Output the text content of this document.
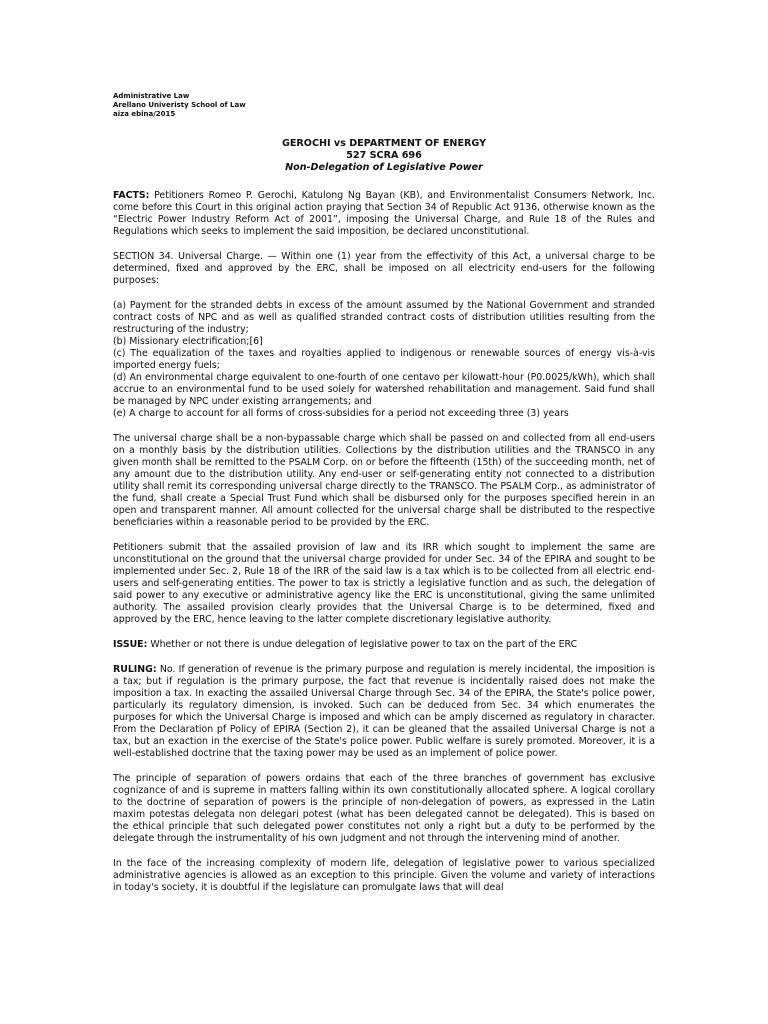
Administrative Law
Arellano Univeristy School of Law
aiza ebina/2015
GEROCHI vs DEPARTMENT OF ENERGY
527 SCRA 696
Non-Delegation of Legislative Power

FACTS: Petitioners Romeo P. Gerochi, Katulong Ng Bayan (KB), and Environmentalist Consumers Network, Inc. come before this Court in this original action praying that Section 34 of Republic Act 9136, otherwise known as the “Electric Power Industry Reform Act of 2001”, imposing the Universal Charge, and Rule 18 of the Rules and Regulations which seeks to implement the said imposition, be declared unconstitutional.

SECTION 34. Universal Charge. — Within one (1) year from the effectivity of this Act, a universal charge to be determined, fixed and approved by the ERC, shall be imposed on all electricity end-users for the following purposes:

(a) Payment for the stranded debts in excess of the amount assumed by the National Government and stranded contract costs of NPC and as well as qualified stranded contract costs of distribution utilities resulting from the restructuring of the industry;

(b) Missionary electrification;[6]

(c) The equalization of the taxes and royalties applied to indigenous or renewable sources of energy vis-à-vis imported energy fuels;

(d) An environmental charge equivalent to one-fourth of one centavo per kilowatt-hour (P0.0025/kWh), which shall accrue to an environmental fund to be used solely for watershed rehabilitation and management. Said fund shall be managed by NPC under existing arrangements; and

(e) A charge to account for all forms of cross-subsidies for a period not exceeding three (3) years

The universal charge shall be a non-bypassable charge which shall be passed on and collected from all end-users on a monthly basis by the distribution utilities. Collections by the distribution utilities and the TRANSCO in any given month shall be remitted to the PSALM Corp. on or before the fifteenth (15th) of the succeeding month, net of any amount due to the distribution utility. Any end-user or self-generating entity not connected to a distribution utility shall remit its corresponding universal charge directly to the TRANSCO. The PSALM Corp., as administrator of the fund, shall create a Special Trust Fund which shall be disbursed only for the purposes specified herein in an open and transparent manner. All amount collected for the universal charge shall be distributed to the respective beneficiaries within a reasonable period to be provided by the ERC.

Petitioners submit that the assailed provision of law and its IRR which sought to implement the same are unconstitutional on the ground that the universal charge provided for under Sec. 34 of the EPIRA and sought to be implemented under Sec. 2, Rule 18 of the IRR of the said law is a tax which is to be collected from all electric end-users and self-generating entities. The power to tax is strictly a legislative function and as such, the delegation of said power to any executive or administrative agency like the ERC is unconstitutional, giving the same unlimited authority. The assailed provision clearly provides that the Universal Charge is to be determined, fixed and approved by the ERC, hence leaving to the latter complete discretionary legislative authority.

ISSUE: Whether or not there is undue delegation of legislative power to tax on the part of the ERC

RULING: No. If generation of revenue is the primary purpose and regulation is merely incidental, the imposition is a tax; but if regulation is the primary purpose, the fact that revenue is incidentally raised does not make the imposition a tax. In exacting the assailed Universal Charge through Sec. 34 of the EPIRA, the State's police power, particularly its regulatory dimension, is invoked. Such can be deduced from Sec. 34 which enumerates the purposes for which the Universal Charge is imposed and which can be amply discerned as regulatory in character. From the Declaration pf Policy of EPIRA (Section 2), it can be gleaned that the assailed Universal Charge is not a tax, but an exaction in the exercise of the State's police power. Public welfare is surely promoted. Moreover, it is a well-established doctrine that the taxing power may be used as an implement of police power.

The principle of separation of powers ordains that each of the three branches of government has exclusive cognizance of and is supreme in matters falling within its own constitutionally allocated sphere. A logical corollary to the doctrine of separation of powers is the principle of non-delegation of powers, as expressed in the Latin maxim potestas delegata non delegari potest (what has been delegated cannot be delegated). This is based on the ethical principle that such delegated power constitutes not only a right but a duty to be performed by the delegate through the instrumentality of his own judgment and not through the intervening mind of another.

In the face of the increasing complexity of modern life, delegation of legislative power to various specialized administrative agencies is allowed as an exception to this principle. Given the volume and variety of interactions in today's society, it is doubtful if the legislature can promulgate laws that will deal
